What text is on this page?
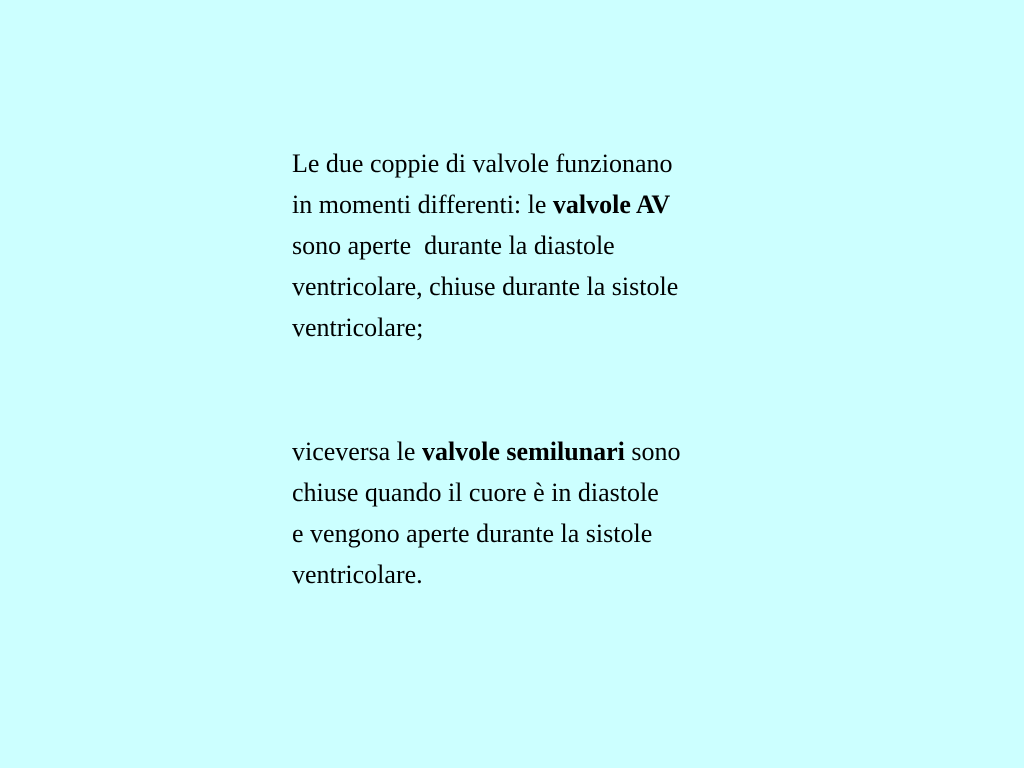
Le due coppie di valvole funzionano
in momenti differenti: le valvole AV
sono aperte  durante la diastole
ventricolare, chiuse durante la sistole
ventricolare;
viceversa le valvole semilunari sono
chiuse quando il cuore è in diastole
e vengono aperte durante la sistole
ventricolare.
